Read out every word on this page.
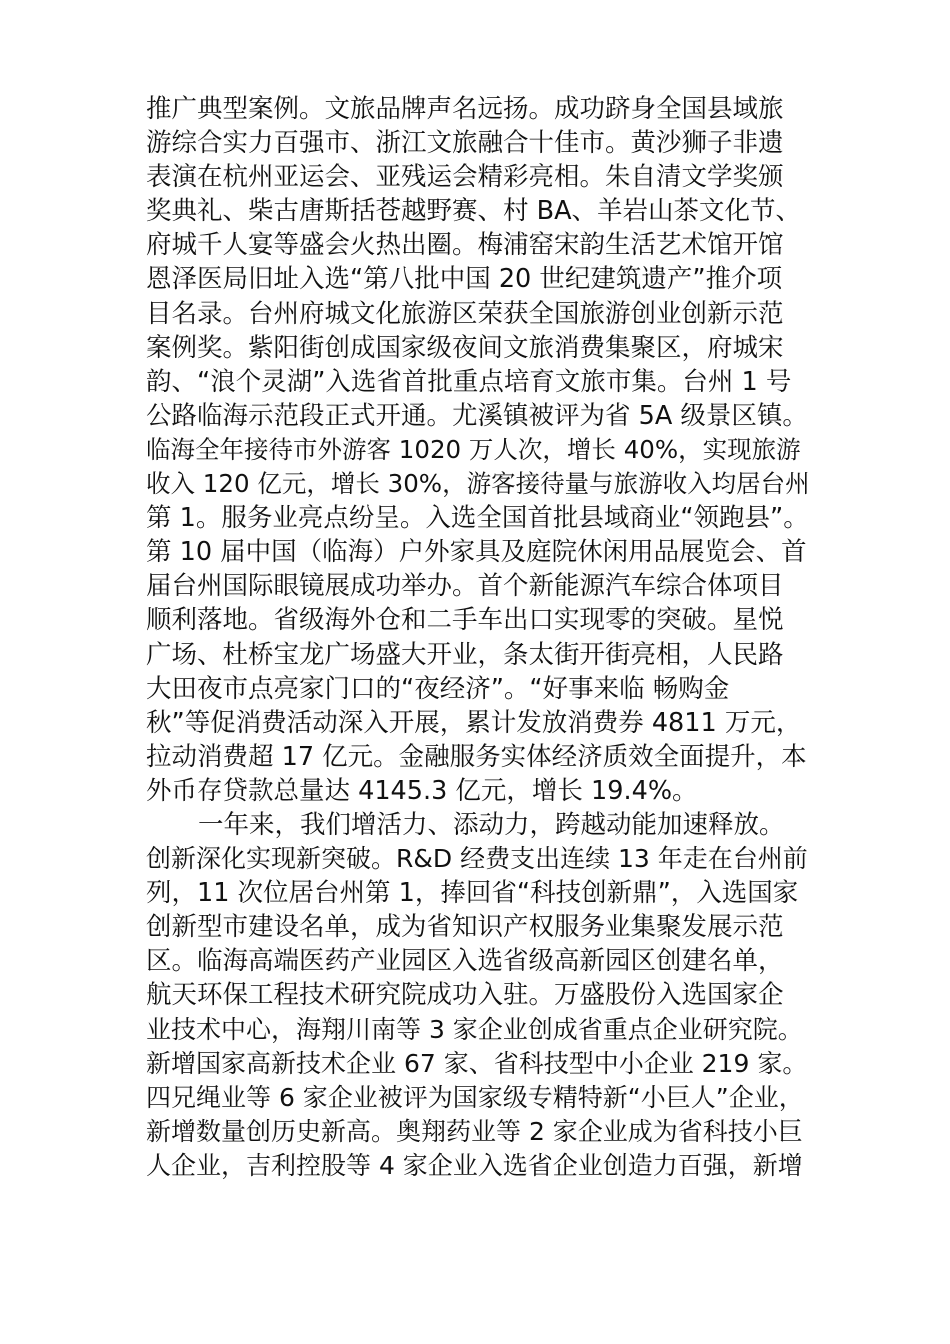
推广典型案例。文旅品牌声名远扬。成功跻身全国县域旅
游综合实力百强市、浙江文旅融合十佳市。黄沙狮子非遗
表演在杭州亚运会、亚残运会精彩亮相。朱自清文学奖颁
奖典礼、柴古唐斯括苍越野赛、村 BA、羊岩山茶文化节、
府城千人宴等盛会火热出圈。梅浦窑宋韵生活艺术馆开馆
恩泽医局旧址入选“第八批中国 20 世纪建筑遗产”推介项
目名录。台州府城文化旅游区荣获全国旅游创业创新示范
案例奖。紫阳街创成国家级夜间文旅消费集聚区，府城宋
韵、“浪个灵湖”入选省首批重点培育文旅市集。台州 1 号
公路临海示范段正式开通。尤溪镇被评为省 5A 级景区镇。
临海全年接待市外游客 1020 万人次，增长 40%，实现旅游
收入 120 亿元，增长 30%，游客接待量与旅游收入均居台州
第 1。服务业亮点纷呈。入选全国首批县域商业“领跑县”。
第 10 届中国（临海）户外家具及庭院休闲用品展览会、首
届台州国际眼镜展成功举办。首个新能源汽车综合体项目
顺利落地。省级海外仓和二手车出口实现零的突破。星悦
广场、杜桥宝龙广场盛大开业，条太街开街亮相，人民路
大田夜市点亮家门口的“夜经济”。“好事来临 畅购金
秋”等促消费活动深入开展，累计发放消费券 4811 万元，
拉动消费超 17 亿元。金融服务实体经济质效全面提升，本
外币存贷款总量达 4145.3 亿元，增长 19.4%。
一年来，我们增活力、添动力，跨越动能加速释放。
创新深化实现新突破。R&D 经费支出连续 13 年走在台州前
列，11 次位居台州第 1，捧回省“科技创新鼎”，入选国家
创新型市建设名单，成为省知识产权服务业集聚发展示范
区。临海高端医药产业园区入选省级高新园区创建名单，
航天环保工程技术研究院成功入驻。万盛股份入选国家企
业技术中心，海翔川南等 3 家企业创成省重点企业研究院。
新增国家高新技术企业 67 家、省科技型中小企业 219 家。
四兄绳业等 6 家企业被评为国家级专精特新“小巨人”企业，
新增数量创历史新高。奥翔药业等 2 家企业成为省科技小巨
人企业，吉利控股等 4 家企业入选省企业创造力百强，新增
